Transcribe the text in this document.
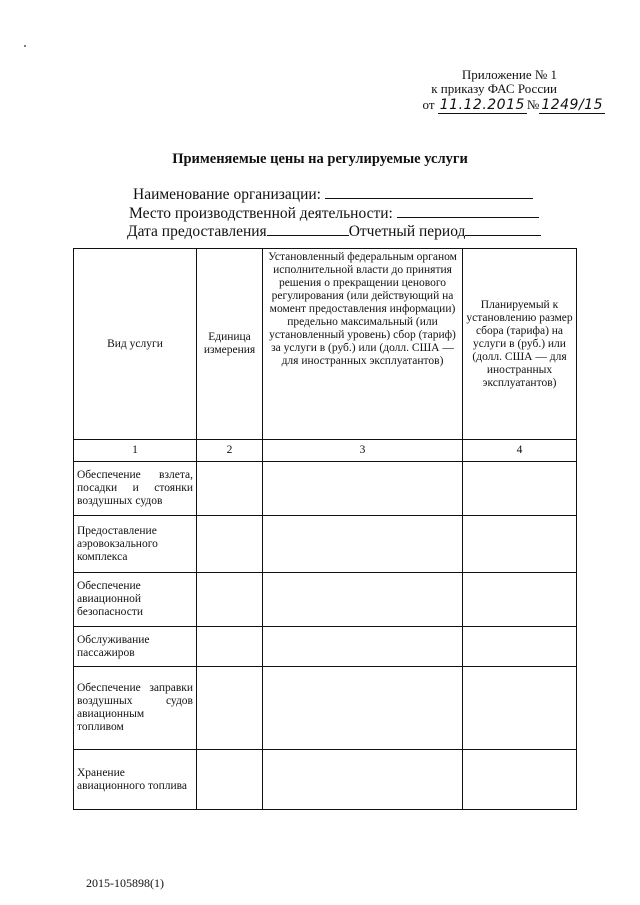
Приложение № 1
к приказу ФАС России
от 11.12.2015 № 1249/15
Применяемые цены на регулируемые услуги
Наименование организации:
Место производственной деятельности:
Дата предоставления	Отчетный период
Вид услуги	Единица измерения	Установленный федеральным органом исполнительной власти до принятия решения о прекращении ценового регулирования (или действующий на момент предоставления информации) предельно максимальный (или установленный уровень) сбор (тариф) за услуги в (руб.) или (долл. США — для иностранных эксплуатантов)	Планируемый к установлению размер сбора (тарифа) на услуги в (руб.) или (долл. США — для иностранных эксплуатантов)
1	2	3	4
Обеспечение взлета, посадки и стоянки воздушных судов			
Предоставление аэровокзального комплекса			
Обеспечение авиационной безопасности			
Обслуживание пассажиров			
Обеспечение заправки воздушных судов авиационным топливом			
Хранение авиационного топлива			
2015-105898(1)
